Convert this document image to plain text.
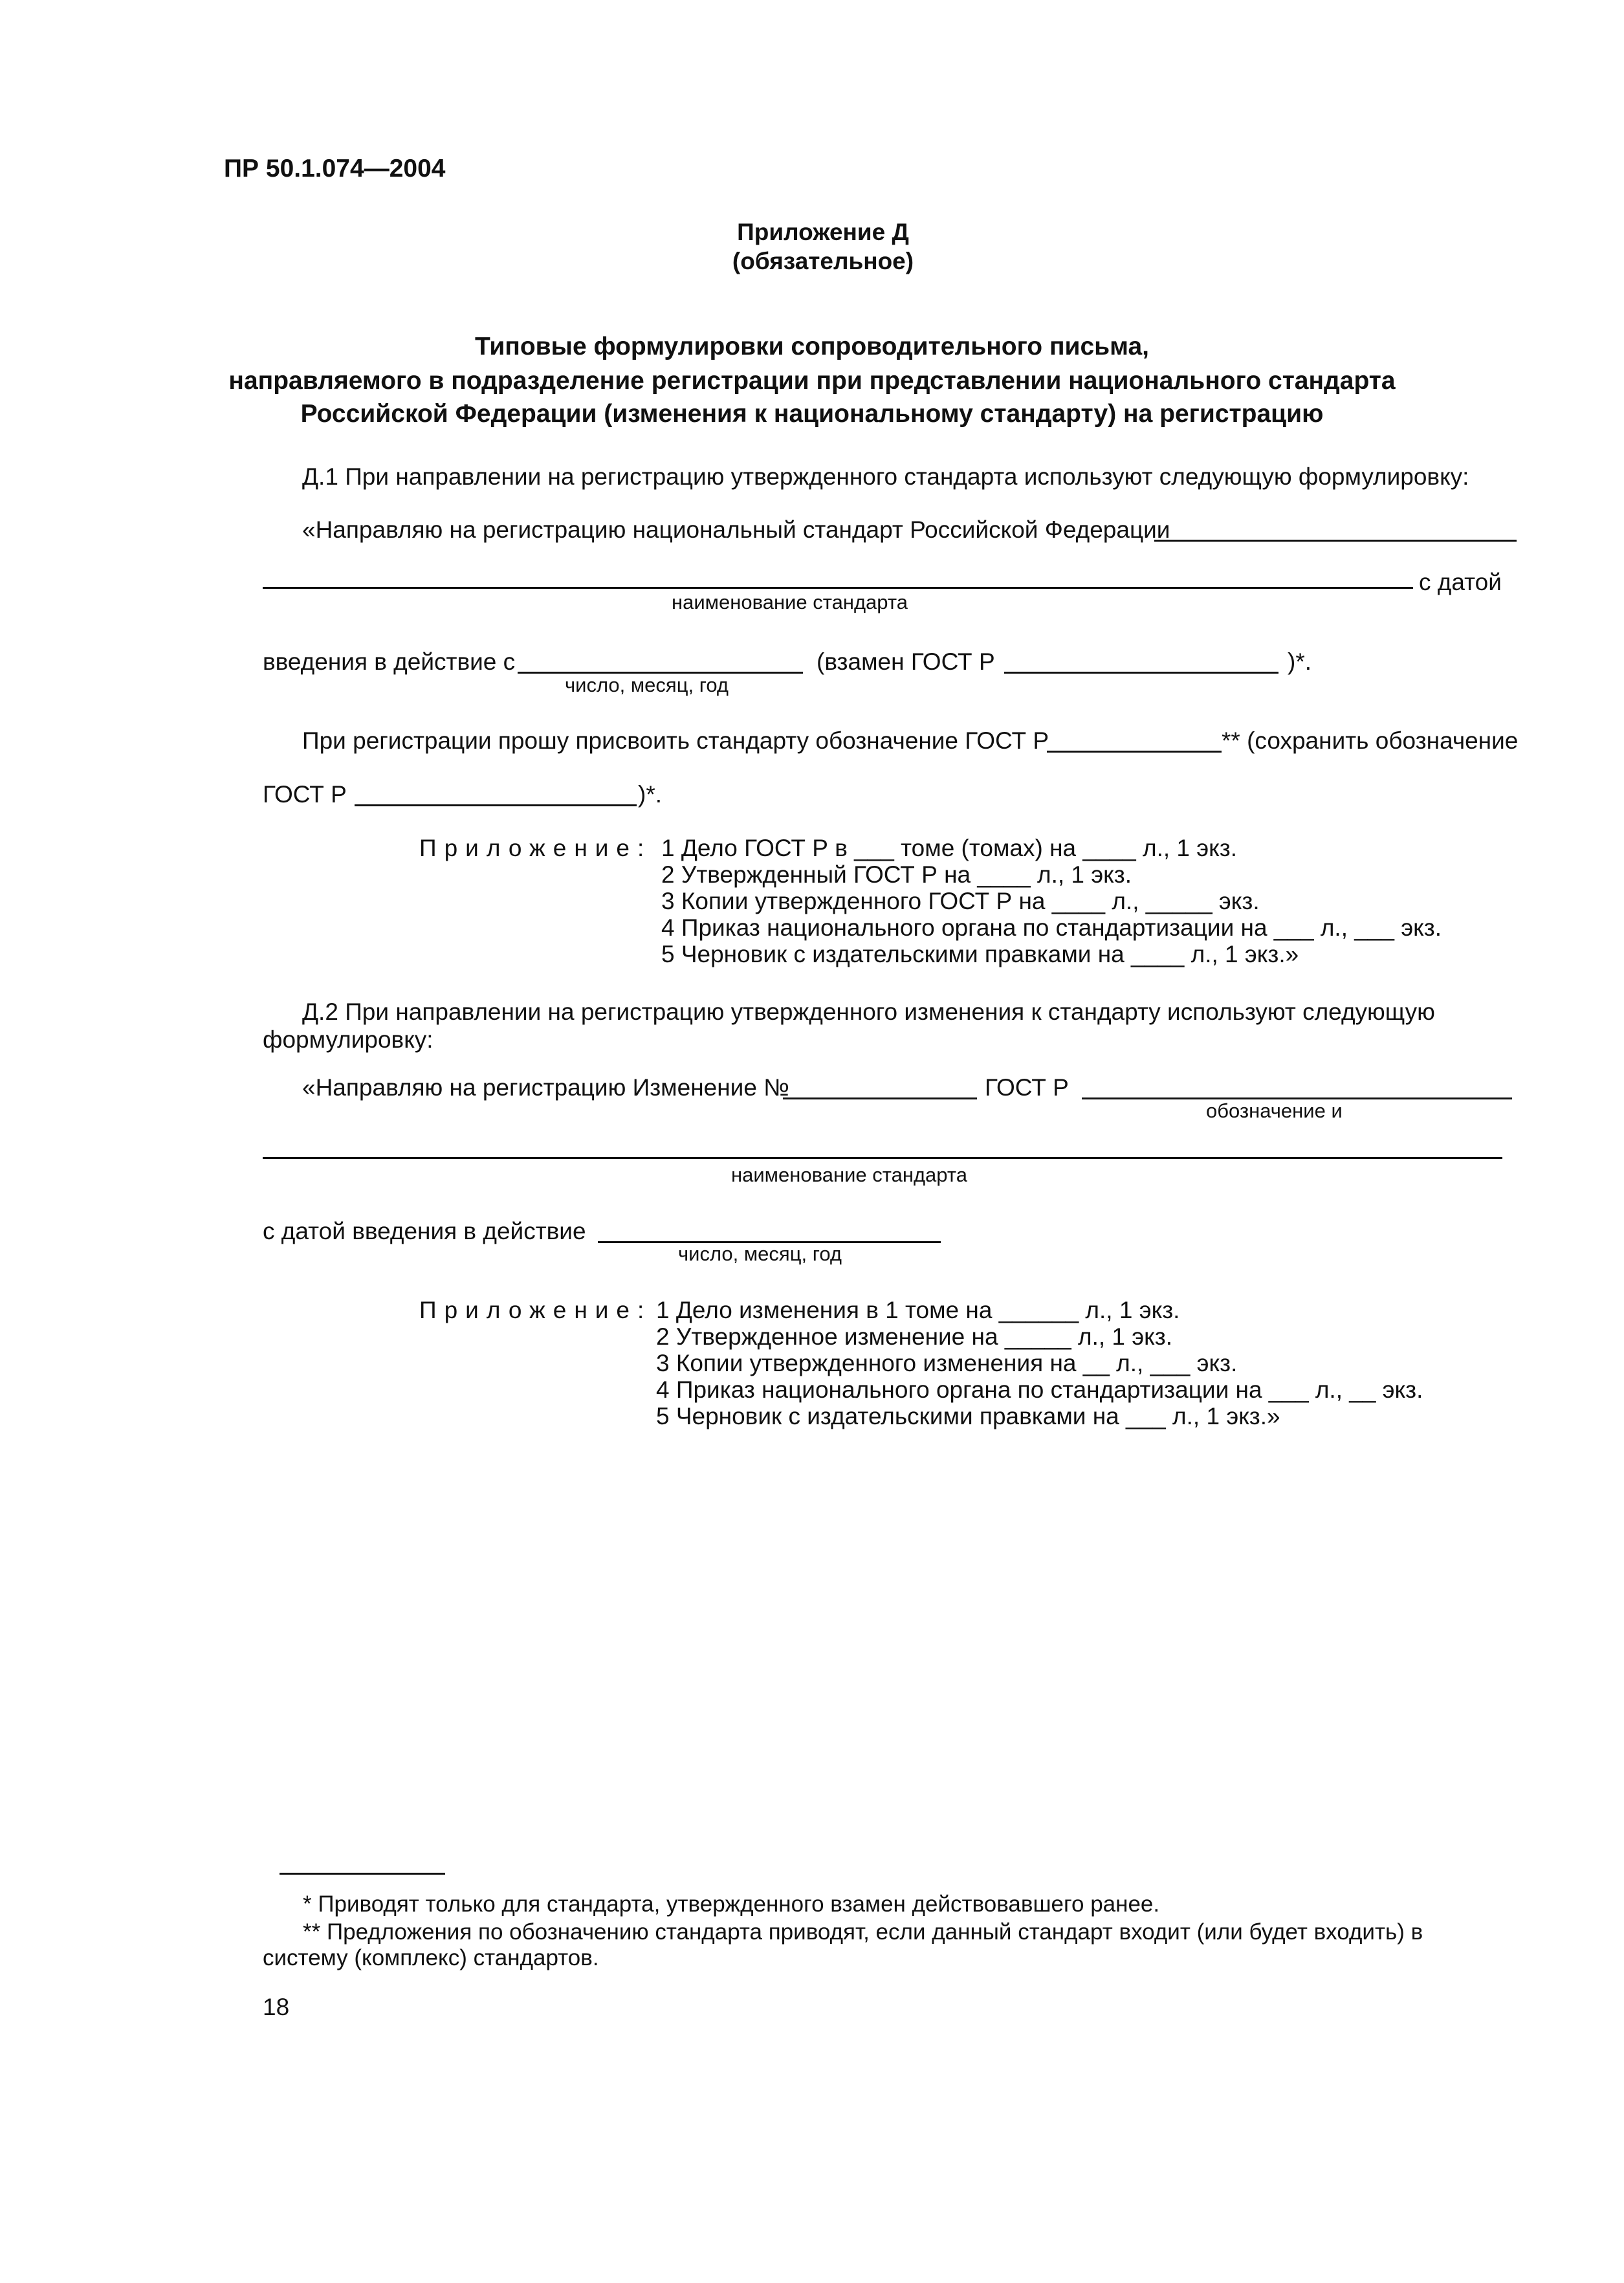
ПР 50.1.074—2004
Приложение Д
(обязательное)
Типовые формулировки сопроводительного письма,
направляемого в подразделение регистрации при представлении национального стандарта
Российской Федерации (изменения к национальному стандарту) на регистрацию
Д.1 При направлении на регистрацию утвержденного стандарта используют следующую формулировку:
«Направляю на регистрацию национальный стандарт Российской Федерации
с датой
наименование стандарта
введения в действие с	(взамен ГОСТ Р	)*.
число, месяц, год
При регистрации прошу присвоить стандарту обозначение ГОСТ Р	** (сохранить обозначение
ГОСТ Р	)*.
Приложение: 1 Дело ГОСТ Р в ___ томе (томах) на ____ л., 1 экз.
2 Утвержденный ГОСТ Р на ____ л., 1 экз.
3 Копии утвержденного ГОСТ Р на ____ л., _____ экз.
4 Приказ национального органа по стандартизации на ___ л., ___ экз.
5 Черновик с издательскими правками на ____ л., 1 экз.»
Д.2 При направлении на регистрацию утвержденного изменения к стандарту используют следующую
формулировку:
«Направляю на регистрацию Изменение №	ГОСТ Р
обозначение и
наименование стандарта
с датой введения в действие
число, месяц, год
Приложение: 1 Дело изменения в 1 томе на ______ л., 1 экз.
2 Утвержденное изменение на _____ л., 1 экз.
3 Копии утвержденного изменения на __ л., ___ экз.
4 Приказ национального органа по стандартизации на ___ л., __ экз.
5 Черновик с издательскими правками на ___ л., 1 экз.»
* Приводят только для стандарта, утвержденного взамен действовавшего ранее.
** Предложения по обозначению стандарта приводят, если данный стандарт входит (или будет входить) в
систему (комплекс) стандартов.
18
